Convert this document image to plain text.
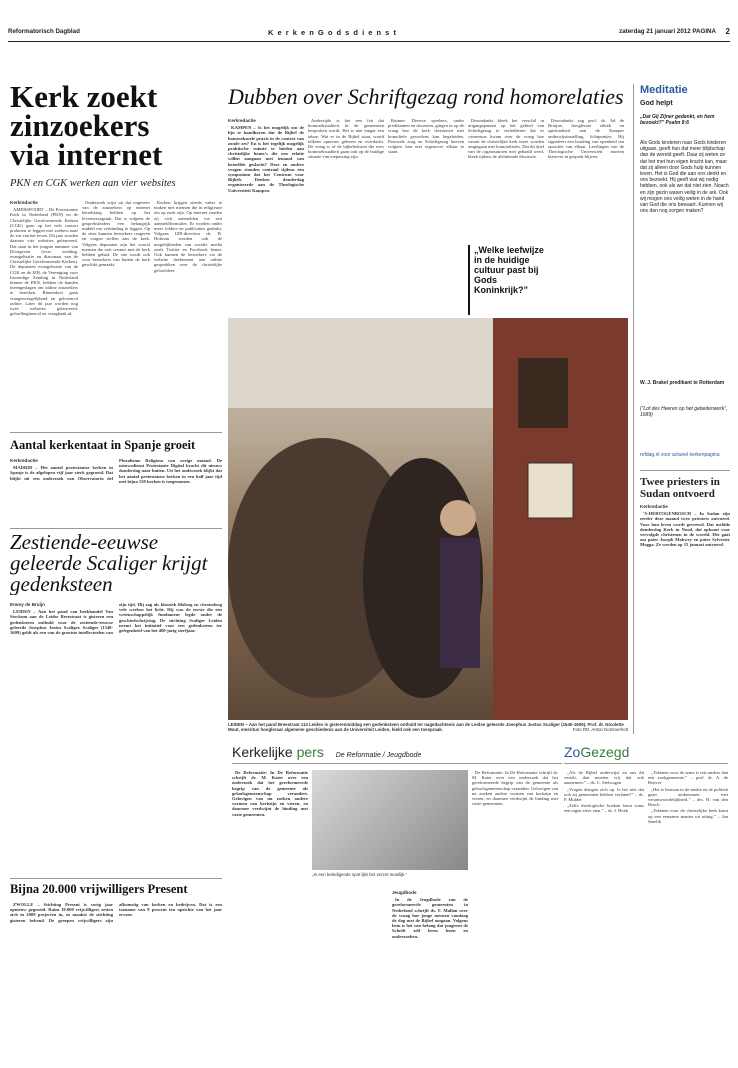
Reformatorisch Dagblad	K e r k e n G o d s d i e n s t	zaterdag 21 januari 2012 PAGINA 2
Kerk zoekt zinzoekers via internet
PKN en CGK werken aan vier websites
Kerkredactie

AMERSFOORT – De Protestantse Kerk in Nederland (PKN) en de Christelijke Gereformeerde Kerken (CGK) gaan op het web contact proberen te leggen met zoekers naar de zin van het leven. Dit jaar worden daarom vier websites gelanceerd. Dat staat in het jongste nummer van Doorgeven (over zending, evangelisatie en diaconaat van de Christelijke Gereformeerde Kerken). De deputaten evangelisatie van de CGK en de IZB, de Vereniging voor Inwendige Zending in Nederland binnen de PKN, hebben de handen ineengeslagen om online zinzoekers te bereiken. Binnenkort gaan vraagenvergelijkend en geloven.nl online. Later dit jaar worden nog twee websites gelanceerd: geloofbeginen.nl en vraagbaak.nl.

Onderzoek wijst uit dat ongeveer van de zinzoekers op internet betrekking hebben op het levensvraagstuk. Dat is volgens de gespreksleiders een belangrijk middel om verbinding te leggen. Op de sites kunnen bezoekers reageren en vragen stellen aan de kerk. Volgens deputaten zijn het vooral mensen die ooit contact met de kerk hebben gehad. De site wordt ook voor bezoekers van buiten de kerk geschikt gemaakt.

Kerken krijgen steeds vaker te maken met mensen die in religieuze zin op zoek zijn. Op internet zouden zij zich aanmelden via een aanmeldformulier. Er worden onder meer folders en publicaties gedrukt. Volgens IZB-directeur ds. B. Hofman worden ook de mogelijkheden van sociale media zoals Twitter en Facebook benut. Ook kunnen de bezoekers via de website deelnemen aan online gesprekken over de christelijke geloofsleer.

Dubben over Schriftgezag rond homorelaties
Kerkredactie

KAMPEN – Is het mogelijk om de lijn te handhaven dat de Bijbel de homoseksuele praxis in de context van zonde zet? En is het tegelijk mogelijk praktische ruimte te bieden aan christelijke homo's die een relatie willen aangaan met iemand van hetzelfde geslacht? Deze en andere vragen stonden centraal tijdens een symposium dat het Centrum voor Bijbels Denken donderdag organiseerde aan de Theologische Universiteit Kampen.

Anderzijds is het een feit dat homoseksualiteit in de gemeenten besproken wordt. Het is niet langer een taboe. Wat er in de Bijbel staat, wordt telkens opnieuw gelezen en overdacht. De vraag is of de bijbelteksten die over homoseksualiteit gaan ook op de huidige situatie van toepassing zijn.

Ruimte: Diverse sprekers, onder predikanten en docenten, gingen in op de vraag hoe de kerk christenen met homofiele gevoelens kan begeleiden. Pastorale zorg en Schriftgezag hoeven volgens hen niet tegenover elkaar te staan.

Desondanks bleek het verschil in uitgangspunten op het gebied van Schriftgezag te verhelderen dat er consensus kwam over de vraag hoe vanuit de christelijke kerk moet worden omgegaan met homorelaties. Dat dit doel van de organisatoren niet gehaald werd, bleek tijdens de afsluitende discussie.

Desondanks zag prof. dr. Ad de Bruijne, hoogleraar ethiek en spiritualiteit aan de Kamper onderwijsinstelling, lichtpuntjes. Hij signaleert een houding van openheid ten opzichte van elkaar. Leerlingen van de Theologische Universiteit moeten hierover in gesprek blijven.

„Welke leefwijze in de huidige cultuur past bij Gods Koninkrijk?”
LEIDEN – Aan het pand Breestraat 113 Leiden is gisterenmiddag een gedenksteen onthuld ter nagedachtenis aan de Leidse geleerde Josephus Justus Scaliger (1540-1609). Prof. dr. Nicolette Mout, emeritus hoogleraar algemene geschiedenis aan de Universiteit Leiden, hield ook een toespraak.	Foto RD, Anton Dommerholt
Aantal kerkentaat in Spanje groeit
Kerkredactie

MADRID – Het aantal protestantse kerken in Spanje is de afgelopen vijf jaar sterk gegroeid. Dat blijkt uit een onderzoek van Observatorio del Pluralismo Religioso van vorige maand. De nieuwsdienst Protestante Digital bracht dit nieuws donderdag naar buiten. Uit het onderzoek blijkt dat het aantal protestantse kerken in een half jaar tijd met bijna 150 kerken is toegenomen.

Zestiende-eeuwse geleerde Scaliger krijgt gedenksteen
Emmy de Bruijn

LEIDEN – Aan het pand van boekhandel Van Stockum aan de Leidse Breestraat is gisteren een gedenksteen onthuld voor de zestiende-eeuwse geleerde Josephus Justus Scaliger. Scaliger (1540-1609) geldt als een van de grootste intellectuelen van zijn tijd. Hij zag als klassiek filoloog en chronoloog vele werken het licht. Hij was de eerste die een wetenschappelijk fundament legde onder de geschiedschrijving. De stichting Scaliger Leiden neemt het initiatief voor een gedenksteen ter gelegenheid van het 400-jarig sterfjaar.

Bijna 20.000 vrijwilligers Present

ZWOLLE – Stichting Present is vorig jaar opnieuw gegroeid. Ruim 19.000 vrijwilligers zetten zich in 2009 projecten in, zo maakte de stichting gisteren bekend. De groepen vrijwilligers zijn afkomstig van kerken en bedrijven. Dat is een toename van 8 procent ten opzichte van het jaar ervoor.

Kerkelijke pers De Reformatie / Jeugdbode

De Reformatie: In De Reformatie schrijft dr. M. Kater over een onderzoek dat het gereformeerde begrip van de gemeente als geloofsgemeenschap verandert. Gelovigen van nu zoeken andere vormen van kerkzijn en vieren, en daarmee verdwijnt de binding met vaste gemeenten.

„In een beledigende spot lijkt het verzet moeilijk.”
Jeugdbode

In de Jeugdbode van de gereformeerde gemeenten in Nederland schrijft ds. F. Mallan over de vraag hoe jonge mensen vandaag de dag met de Bijbel omgaan. Volgens hem is het van belang dat jongeren de Schrift zelf leren lezen en onderzoeken.

De Reformatie: In De Reformatie schrijft dr. M. Kater over een onderzoek dat het gereformeerde begrip van de gemeente als geloofsgemeenschap verandert. Gelovigen van nu zoeken andere vormen van kerkzijn en vieren, en daarmee verdwijnt de binding met vaste gemeenten.

ZoGezegd

„Als de Bijbel onderwijst en ons dit vertelt, dan moeten wij dat ook aannemen.” – ds. C. Stelwagen

„Vragen dringen zich op. Is het niet dat ook zij gemeenten hebben verlaten?” – ds. P. Mulder

„Zelfs theologische boeken laten soms een eigen sfeer zien.” – dr. J. Hoek

„Tekenen voor de arme is iets anders dan een zoekgemeente.” – prof. dr. A. de Reuver

„Het is bestaan in de media en de politiek gaan ambtenaren met verantwoordelijkheid.” – drs. H. van den Bosch

„Tekenen voor de christelijke kerk komt op een eenzame manier tot uiting.” – Jan Smelik

Meditatie
God helpt
„Dat Gij Zijner gedenkt, en hem bezoekt?” Psalm 8:6
Als Gods kinderen naar Gods kinderen uitgaan, geeft hun dat meer blijdschap dan de wereld geeft. Daar zij weten ze dat het met hun eigen kracht kan, maar dat zij alleen door Gods hulp kunnen leven. Het is God die aan ons denkt en ons bezoekt. Hij geeft wat wij nodig hebben, ook als we dat niet zien. Noach en zijn gezin waren veilig in de ark. Ook wij mogen ons veilig weten in de hand van God die ons bewaart. Kunnen wij ons dan nog zorgen maken?
W. J. Brakel predikant te Rotterdam
(“Lof des Heeren op het gebedenwerk”, 1689)
refdag.nl voor actueel kerkenpagina
Twee priesters in Sudan ontvoerd
Kerkredactie

’S-HERTOGENBOSCH – In Sudan zijn eerder deze maand twee priesters ontvoerd. Voor hun leven wordt gevreesd. Dat meldde donderdag Kerk in Nood, dat opkomt voor vervolgde christenen in de wereld. Het gaat om pater Joseph Makwey en pater Sylvester Mogga. Ze werden op 15 januari ontvoerd.
